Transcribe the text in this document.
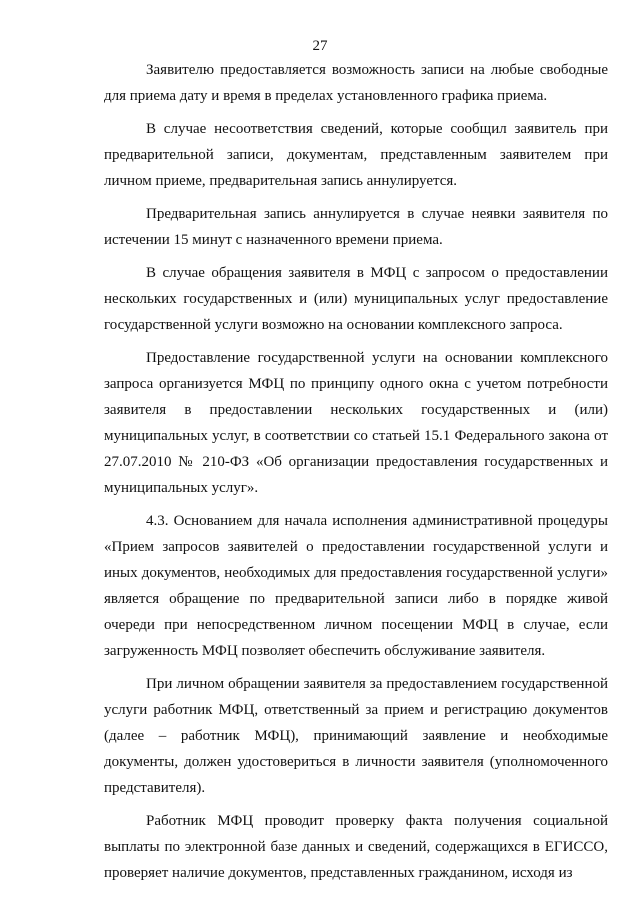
27

Заявителю предоставляется возможность записи на любые свободные для приема дату и время в пределах установленного графика приема.

В случае несоответствия сведений, которые сообщил заявитель при предварительной записи, документам, представленным заявителем при личном приеме, предварительная запись аннулируется.

Предварительная запись аннулируется в случае неявки заявителя по истечении 15 минут с назначенного времени приема.

В случае обращения заявителя в МФЦ с запросом о предоставлении нескольких государственных и (или) муниципальных услуг предоставление государственной услуги возможно на основании комплексного запроса.

Предоставление государственной услуги на основании комплексного запроса организуется МФЦ по принципу одного окна с учетом потребности заявителя в предоставлении нескольких государственных и (или) муниципальных услуг, в соответствии со статьей 15.1 Федерального закона от 27.07.2010 № 210-ФЗ «Об организации предоставления государственных и муниципальных услуг».

4.3. Основанием для начала исполнения административной процедуры «Прием запросов заявителей о предоставлении государственной услуги и иных документов, необходимых для предоставления государственной услуги» является обращение по предварительной записи либо в порядке живой очереди при непосредственном личном посещении МФЦ в случае, если загруженность МФЦ позволяет обеспечить обслуживание заявителя.

При личном обращении заявителя за предоставлением государственной услуги работник МФЦ, ответственный за прием и регистрацию документов (далее – работник МФЦ), принимающий заявление и необходимые документы, должен удостовериться в личности заявителя (уполномоченного представителя).

Работник МФЦ проводит проверку факта получения социальной выплаты по электронной базе данных и сведений, содержащихся в ЕГИССО, проверяет наличие документов, представленных гражданином, исходя из
